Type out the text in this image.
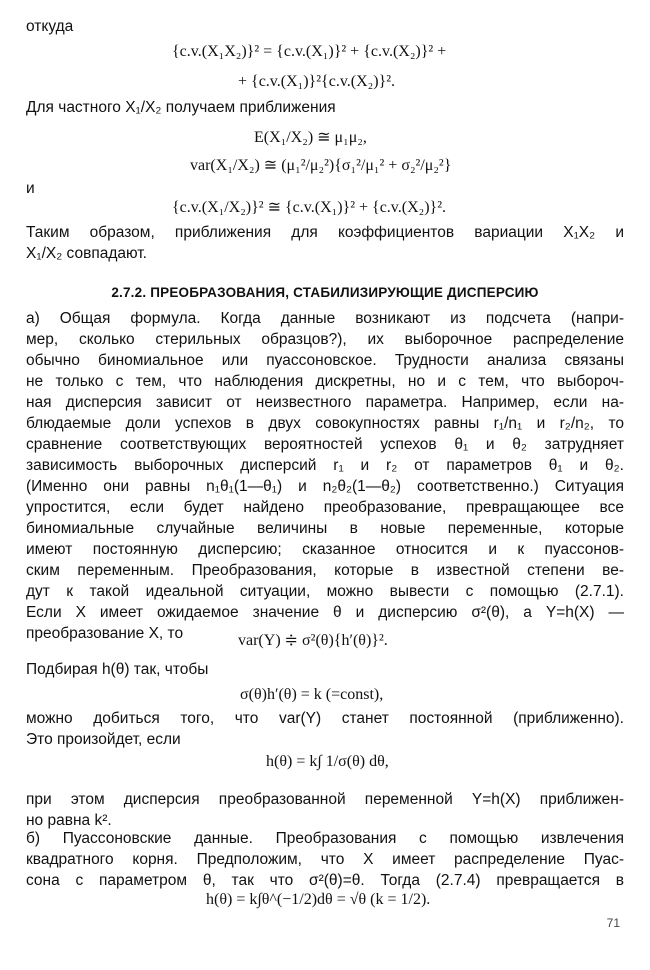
откуда
{c.v.(X₁X₂)}² = {c.v.(X₁)}² + {c.v.(X₂)}² +
+ {c.v.(X₁)}²{c.v.(X₂)}².
Для частного X₁/X₂ получаем приближения
E(X₁/X₂) ≅ μ₁μ₂,
var(X₁/X₂) ≅ (μ₁²/μ₂²){σ₁²/μ₁² + σ₂²/μ₂²}
и
{c.v.(X₁/X₂)}² ≅ {c.v.(X₁)}² + {c.v.(X₂)}².
Таким образом, приближения для коэффициентов вариации X₁X₂ и
X₁/X₂ совпадают.
2.7.2. ПРЕОБРАЗОВАНИЯ, СТАБИЛИЗИРУЮЩИЕ ДИСПЕРСИЮ
а) Общая формула. Когда данные возникают из подсчета (напри-
мер, сколько стерильных образцов?), их выборочное распределение
обычно биномиальное или пуассоновское. Трудности анализа связаны
не только с тем, что наблюдения дискретны, но и с тем, что выбороч-
ная дисперсия зависит от неизвестного параметра. Например, если на-
блюдаемые доли успехов в двух совокупностях равны r₁/n₁ и r₂/n₂, то
сравнение соответствующих вероятностей успехов θ₁ и θ₂ затрудняет
зависимость выборочных дисперсий r₁ и r₂ от параметров θ₁ и θ₂.
(Именно они равны n₁θ₁(1—θ₁) и n₂θ₂(1—θ₂) соответственно.) Ситуация
упростится, если будет найдено преобразование, превращающее все
биномиальные случайные величины в новые переменные, которые
имеют постоянную дисперсию; сказанное относится и к пуассонов-
ским переменным. Преобразования, которые в известной степени ве-
дут к такой идеальной ситуации, можно вывести с помощью (2.7.1).
Если X имеет ожидаемое значение θ и дисперсию σ²(θ), а Y=h(X) —
преобразование X, то	var(Y) ≑ σ²(θ){h′(θ)}².
Подбирая h(θ) так, чтобы
σ(θ)h′(θ) = k (=const),
можно добиться того, что var(Y) станет постоянной (приближенно).
Это произойдет, если
h(θ) = k∫ 1/σ(θ) dθ,
при этом дисперсия преобразованной переменной Y=h(X) приближен-
но равна k².
б) Пуассоновские данные. Преобразования с помощью извлечения
квадратного корня. Предположим, что X имеет распределение Пуас-
сона с параметром θ, так что σ²(θ)=θ. Тогда (2.7.4) превращается в
h(θ) = k∫θ^(−1/2)dθ = √θ (k = 1/2).
71
